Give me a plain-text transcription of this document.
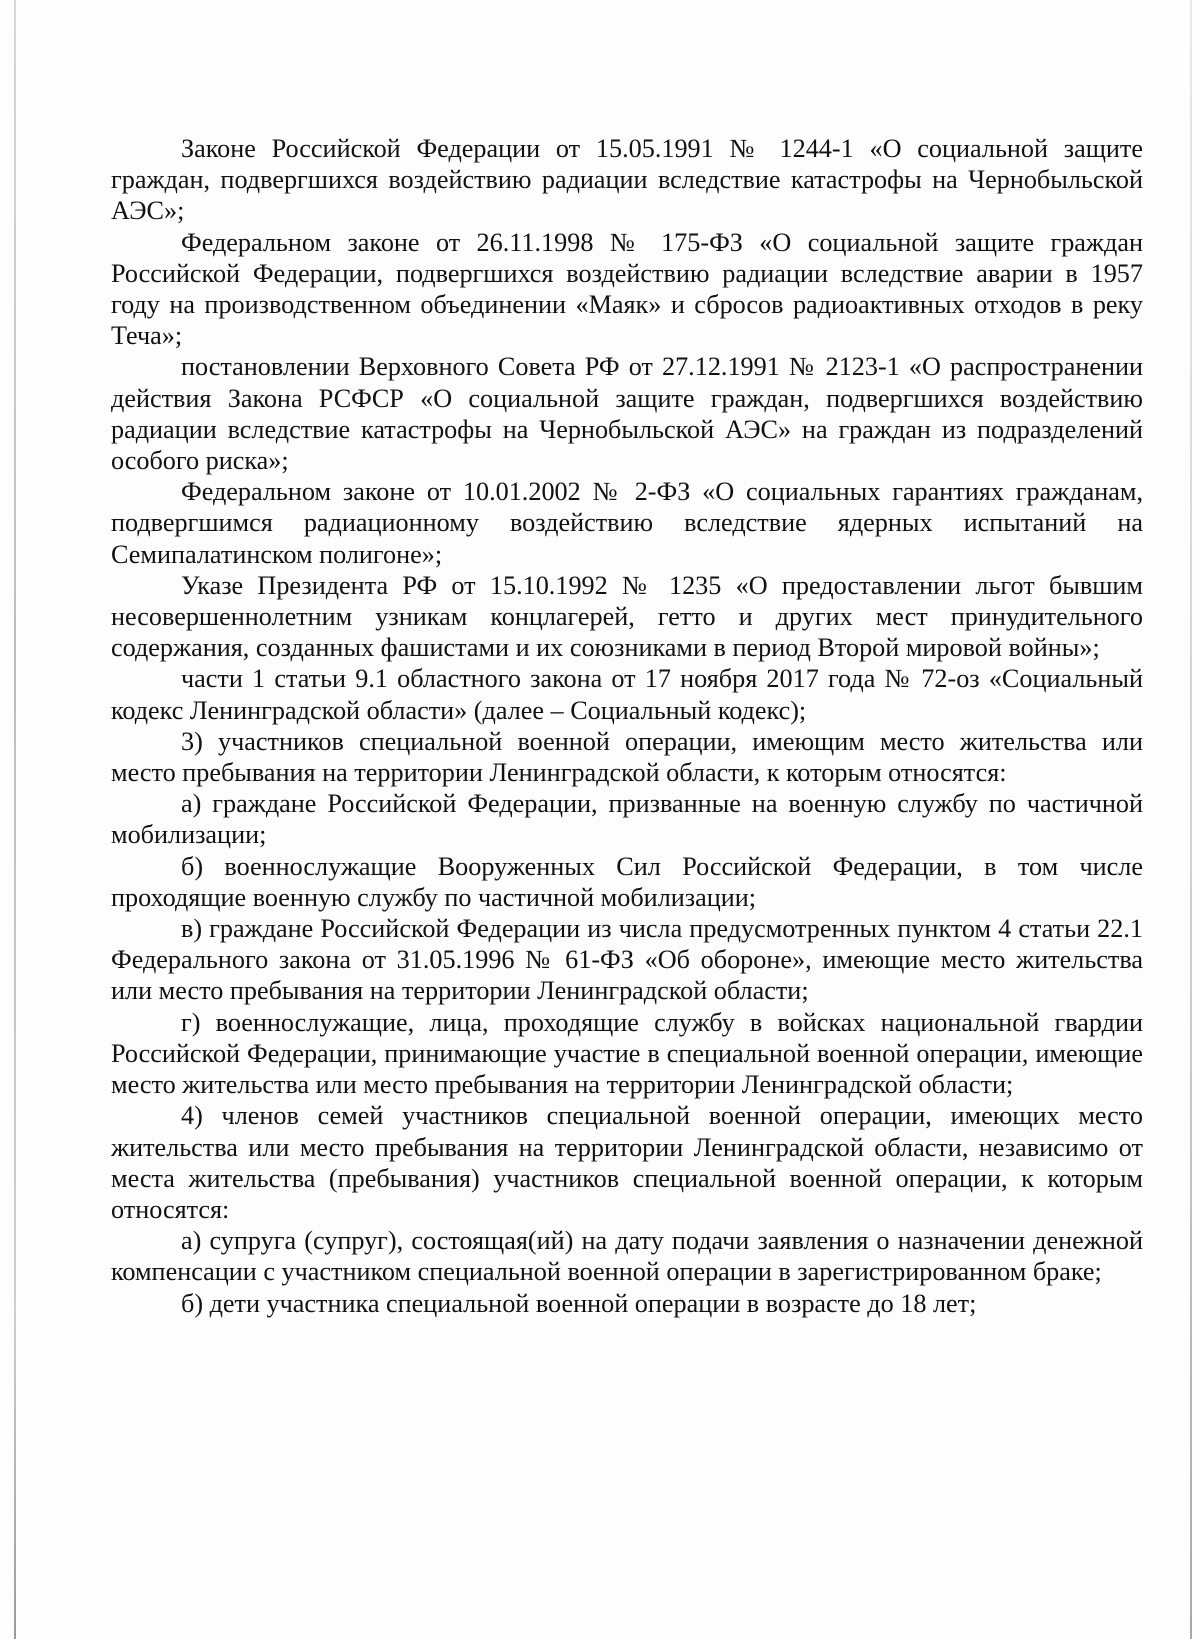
Законе Российской Федерации от 15.05.1991 № 1244-1 «О социальной защите граждан, подвергшихся воздействию радиации вследствие катастрофы на Чернобыльской АЭС»;

Федеральном законе от 26.11.1998 № 175-ФЗ «О социальной защите граждан Российской Федерации, подвергшихся воздействию радиации вследствие аварии в 1957 году на производственном объединении «Маяк» и сбросов радиоактивных отходов в реку Теча»;

постановлении Верховного Совета РФ от 27.12.1991 № 2123-1 «О распространении действия Закона РСФСР «О социальной защите граждан, подвергшихся воздействию радиации вследствие катастрофы на Чернобыльской АЭС» на граждан из подразделений особого риска»;

Федеральном законе от 10.01.2002 № 2-ФЗ «О социальных гарантиях гражданам, подвергшимся радиационному воздействию вследствие ядерных испытаний на Семипалатинском полигоне»;

Указе Президента РФ от 15.10.1992 № 1235 «О предоставлении льгот бывшим несовершеннолетним узникам концлагерей, гетто и других мест принудительного содержания, созданных фашистами и их союзниками в период Второй мировой войны»;

части 1 статьи 9.1 областного закона от 17 ноября 2017 года № 72-оз «Социальный кодекс Ленинградской области» (далее – Социальный кодекс);

3) участников специальной военной операции, имеющим место жительства или место пребывания на территории Ленинградской области, к которым относятся:

а) граждане Российской Федерации, призванные на военную службу по частичной мобилизации;

б) военнослужащие Вооруженных Сил Российской Федерации, в том числе проходящие военную службу по частичной мобилизации;

в) граждане Российской Федерации из числа предусмотренных пунктом 4 статьи 22.1 Федерального закона от 31.05.1996 № 61-ФЗ «Об обороне», имеющие место жительства или место пребывания на территории Ленинградской области;

г) военнослужащие, лица, проходящие службу в войсках национальной гвардии Российской Федерации, принимающие участие в специальной военной операции, имеющие место жительства или место пребывания на территории Ленинградской области;

4) членов семей участников специальной военной операции, имеющих место жительства или место пребывания на территории Ленинградской области, независимо от места жительства (пребывания) участников специальной военной операции, к которым относятся:

а) супруга (супруг), состоящая(ий) на дату подачи заявления о назначении денежной компенсации с участником специальной военной операции в зарегистрированном браке;

б) дети участника специальной военной операции в возрасте до 18 лет;
